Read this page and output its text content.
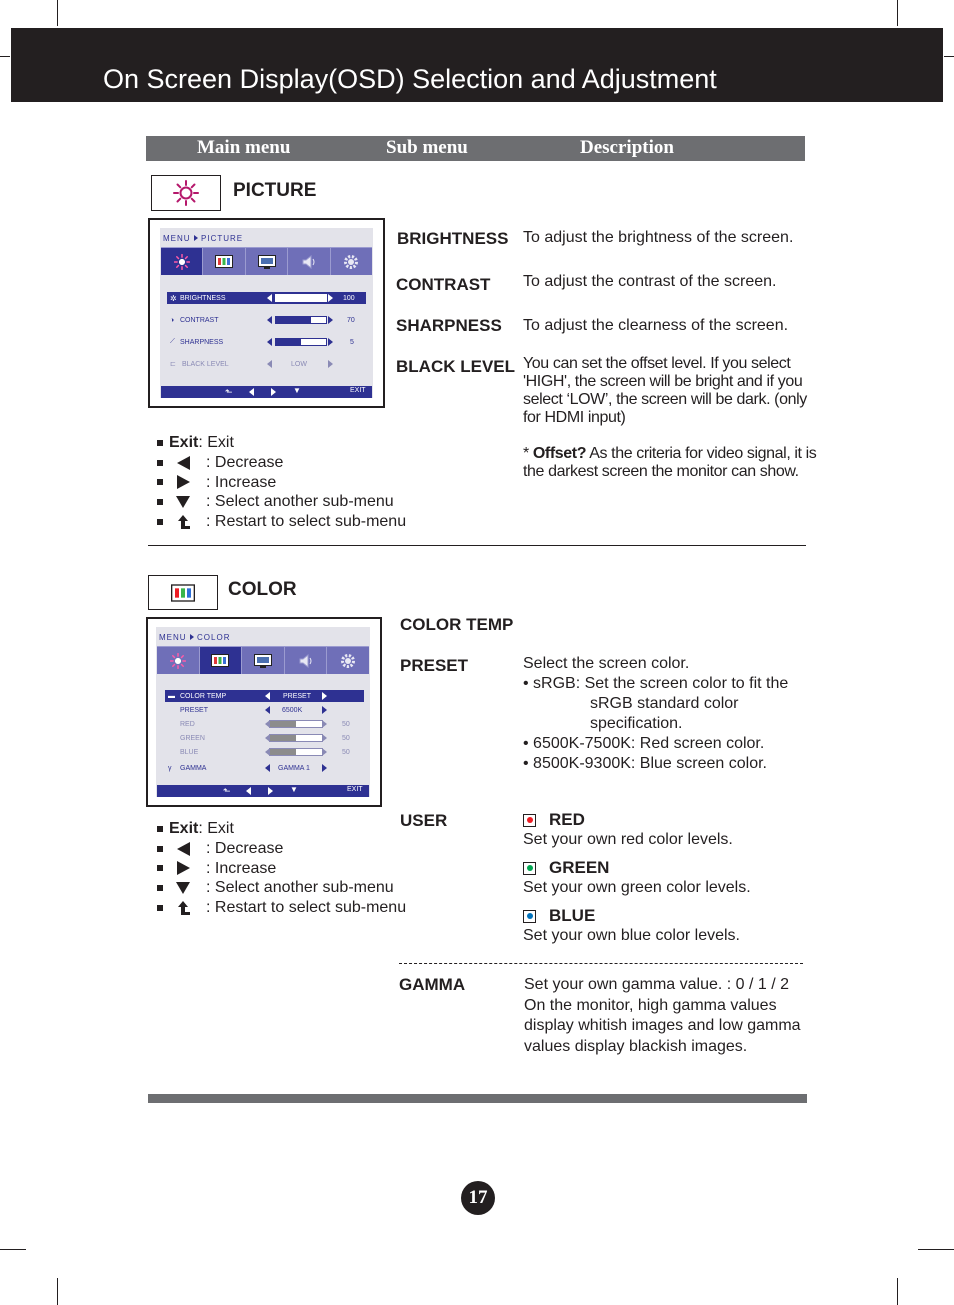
On Screen Display(OSD) Selection and Adjustment
Main menu	Sub menu	Description
PICTURE
MENU PICTURE
✲ BRIGHTNESS	100
◑ CONTRAST	70
⟋ SHARPNESS	5
⊏ BLACK LEVEL	LOW
⬑	▼	EXIT
Exit : Exit
: Decrease
: Increase
: Select another sub-menu
: Restart to select sub-menu
BRIGHTNESS To adjust the brightness of the screen.
CONTRAST To adjust the contrast of the screen.
SHARPNESS To adjust the clearness of the screen.
BLACK LEVEL You can set the offset level. If you select 'HIGH', the screen will be bright and if you select ‘LOW’, the screen will be dark. (only for HDMI input)
* Offset? As the criteria for video signal, it is the darkest screen the monitor can show.
COLOR
MENU COLOR
▬ COLOR TEMP	PRESET
PRESET	6500K
RED	50
GREEN	50
BLUE	50
γ	GAMMA	GAMMA 1
⬑	▼	EXIT
Exit : Exit
: Decrease
: Increase
: Select another sub-menu
: Restart to select sub-menu
COLOR TEMP
PRESET	Select the screen color.
• sRGB: Set the screen color to fit the
sRGB standard color
specification.
• 6500K-7500K: Red screen color.
• 8500K-9300K: Blue screen color.
USER	RED
Set your own red color levels.
GREEN
Set your own green color levels.
BLUE
Set your own blue color levels.
GAMMA	Set your own gamma value. : 0 / 1 / 2 On the monitor, high gamma values display whitish images and low gamma values display blackish images.
17
